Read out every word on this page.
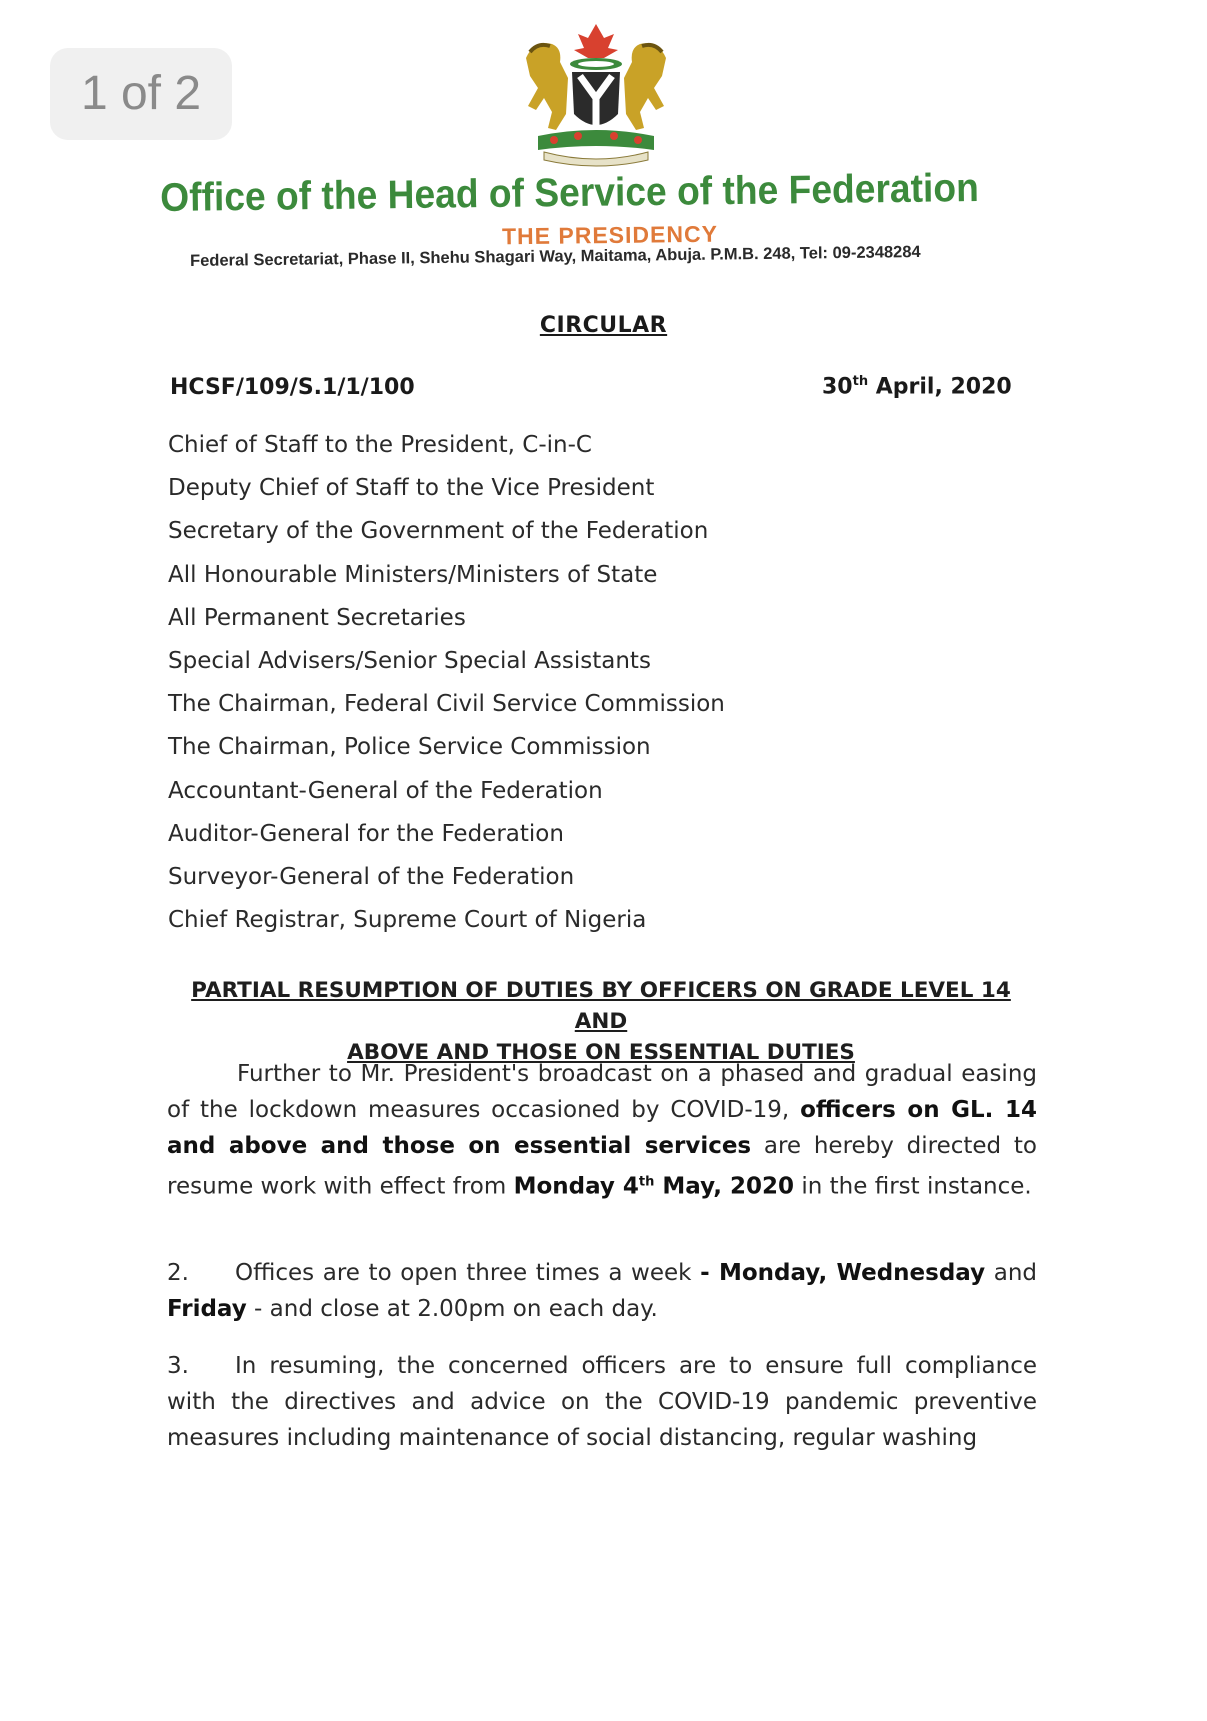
1 of 2
Office of the Head of Service of the Federation
THE PRESIDENCY
Federal Secretariat, Phase II, Shehu Shagari Way, Maitama, Abuja. P.M.B. 248, Tel: 09-2348284
CIRCULAR
HCSF/109/S.1/1/100	30th April, 2020
Chief of Staff to the President, C-in-C
Deputy Chief of Staff to the Vice President
Secretary of the Government of the Federation
All Honourable Ministers/Ministers of State
All Permanent Secretaries
Special Advisers/Senior Special Assistants
The Chairman, Federal Civil Service Commission
The Chairman, Police Service Commission
Accountant-General of the Federation
Auditor-General for the Federation
Surveyor-General of the Federation
Chief Registrar, Supreme Court of Nigeria
PARTIAL RESUMPTION OF DUTIES BY OFFICERS ON GRADE LEVEL 14 AND
ABOVE AND THOSE ON ESSENTIAL DUTIES

Further to Mr. President's broadcast on a phased and gradual easing of the lockdown measures occasioned by COVID-19, officers on GL. 14 and above and those on essential services are hereby directed to resume work with effect from Monday 4th May, 2020 in the first instance.

2. Offices are to open three times a week - Monday, Wednesday and Friday - and close at 2.00pm on each day.

3. In resuming, the concerned officers are to ensure full compliance with the directives and advice on the COVID-19 pandemic preventive measures including maintenance of social distancing, regular washing
